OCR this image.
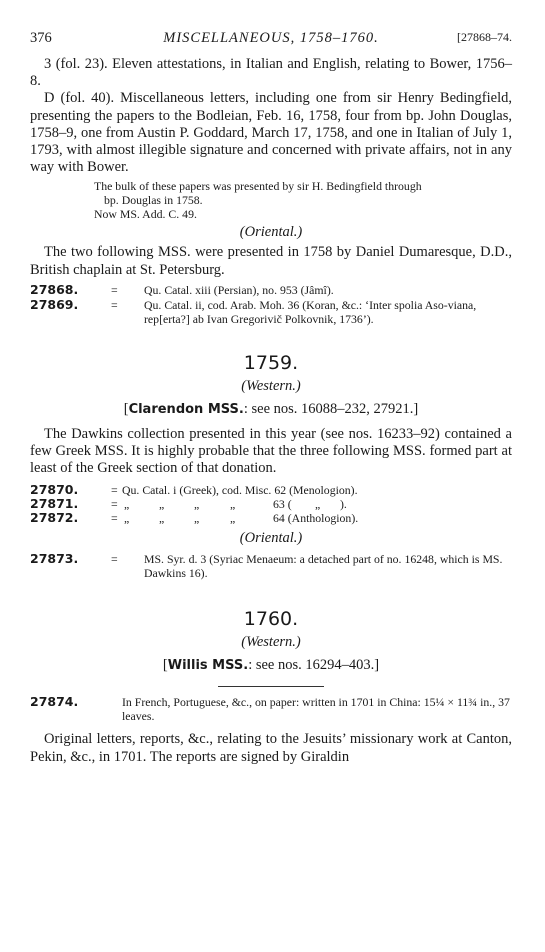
376	MISCELLANEOUS, 1758–1760.	[27868–74.

3 (fol. 23). Eleven attestations, in Italian and English, relating to Bower, 1756–8.

D (fol. 40). Miscellaneous letters, including one from sir Henry Bedingfield, presenting the papers to the Bodleian, Feb. 16, 1758, four from bp. John Douglas, 1758–9, one from Austin P. Goddard, March 17, 1758, and one in Italian of July 1, 1793, with almost illegible signature and concerned with private affairs, not in any way with Bower.

The bulk of these papers was presented by sir H. Bedingfield through

bp. Douglas in 1758.

Now MS. Add. C. 49.

(Oriental.)

The two following MSS. were presented in 1758 by Daniel Dumaresque, D.D., British chaplain at St. Petersburg.

27868.	= Qu. Catal. xiii (Persian), no. 953 (Jâmî).
27869.	= Qu. Catal. ii, cod. Arab. Moh. 36 (Koran, &c.: ‘Inter spolia Aso-viana, rep[erta?] ab Ivan Gregorivič Polkovnik, 1736’).

1759.

(Western.)

[Clarendon MSS.: see nos. 16088–232, 27921.]

The Dawkins collection presented in this year (see nos. 16233–92) contained a few Greek MSS. It is highly probable that the three following MSS. formed part at least of the Greek section of that donation.

27870.	= Qu. Catal. i (Greek), cod. Misc. 62 (Menologion).
27871.	= „	„	„	„	63 ( „ ).
27872.	= „	„	„	„	64 (Anthologion).

(Oriental.)

27873.	= MS. Syr. d. 3 (Syriac Menaeum: a detached part of no. 16248, which is MS. Dawkins 16).

1760.

(Western.)

[Willis MSS.: see nos. 16294–403.]

27874.	In French, Portuguese, &c., on paper: written in 1701 in China: 15¼ × 11¾ in., 37 leaves.

Original letters, reports, &c., relating to the Jesuits’ missionary work at Canton, Pekin, &c., in 1701. The reports are signed by Giraldin
